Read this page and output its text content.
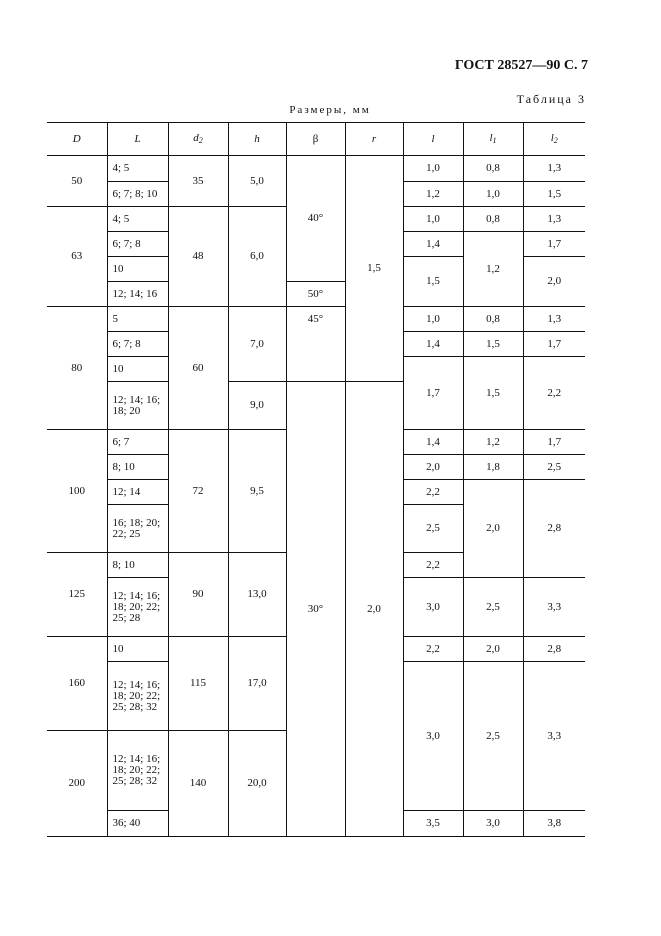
ГОСТ 28527—90 С. 7
Таблица 3
Размеры, мм
D	L	$d_2$	h	β	r	l	$l_1$	$l_2$
50	4; 5	35	5,0	40°	1,5	1,0	0,8	1,3
	6; 7; 8; 10					1,2	1,0	1,5
63	4; 5	48	6,0			1,0	0,8	1,3
	6; 7; 8					1,4	1,2	1,7
	10					1,5		2,0
	12; 14; 16			50°				
80	5	60	7,0	45°		1,0	0,8	1,3
	6; 7; 8					1,4	1,5	1,7
	10					1,7	1,5	2,2
	12; 14; 16; 18; 20		9,0	30°	2,0			
100	6; 7	72	9,5			1,4	1,2	1,7
	8; 10					2,0	1,8	2,5
	12; 14					2,2	2,0	2,8
	16; 18; 20; 22; 25					2,5		
125	8; 10	90	13,0			2,2		
	12; 14; 16; 18; 20; 22; 25; 28					3,0	2,5	3,3
160	10	115	17,0			2,2	2,0	2,8
	12; 14; 16; 18; 20; 22; 25; 28; 32					3,0	2,5	3,3
200	12; 14; 16; 18; 20; 22; 25; 28; 32	140	20,0					
	36; 40					3,5	3,0	3,8
